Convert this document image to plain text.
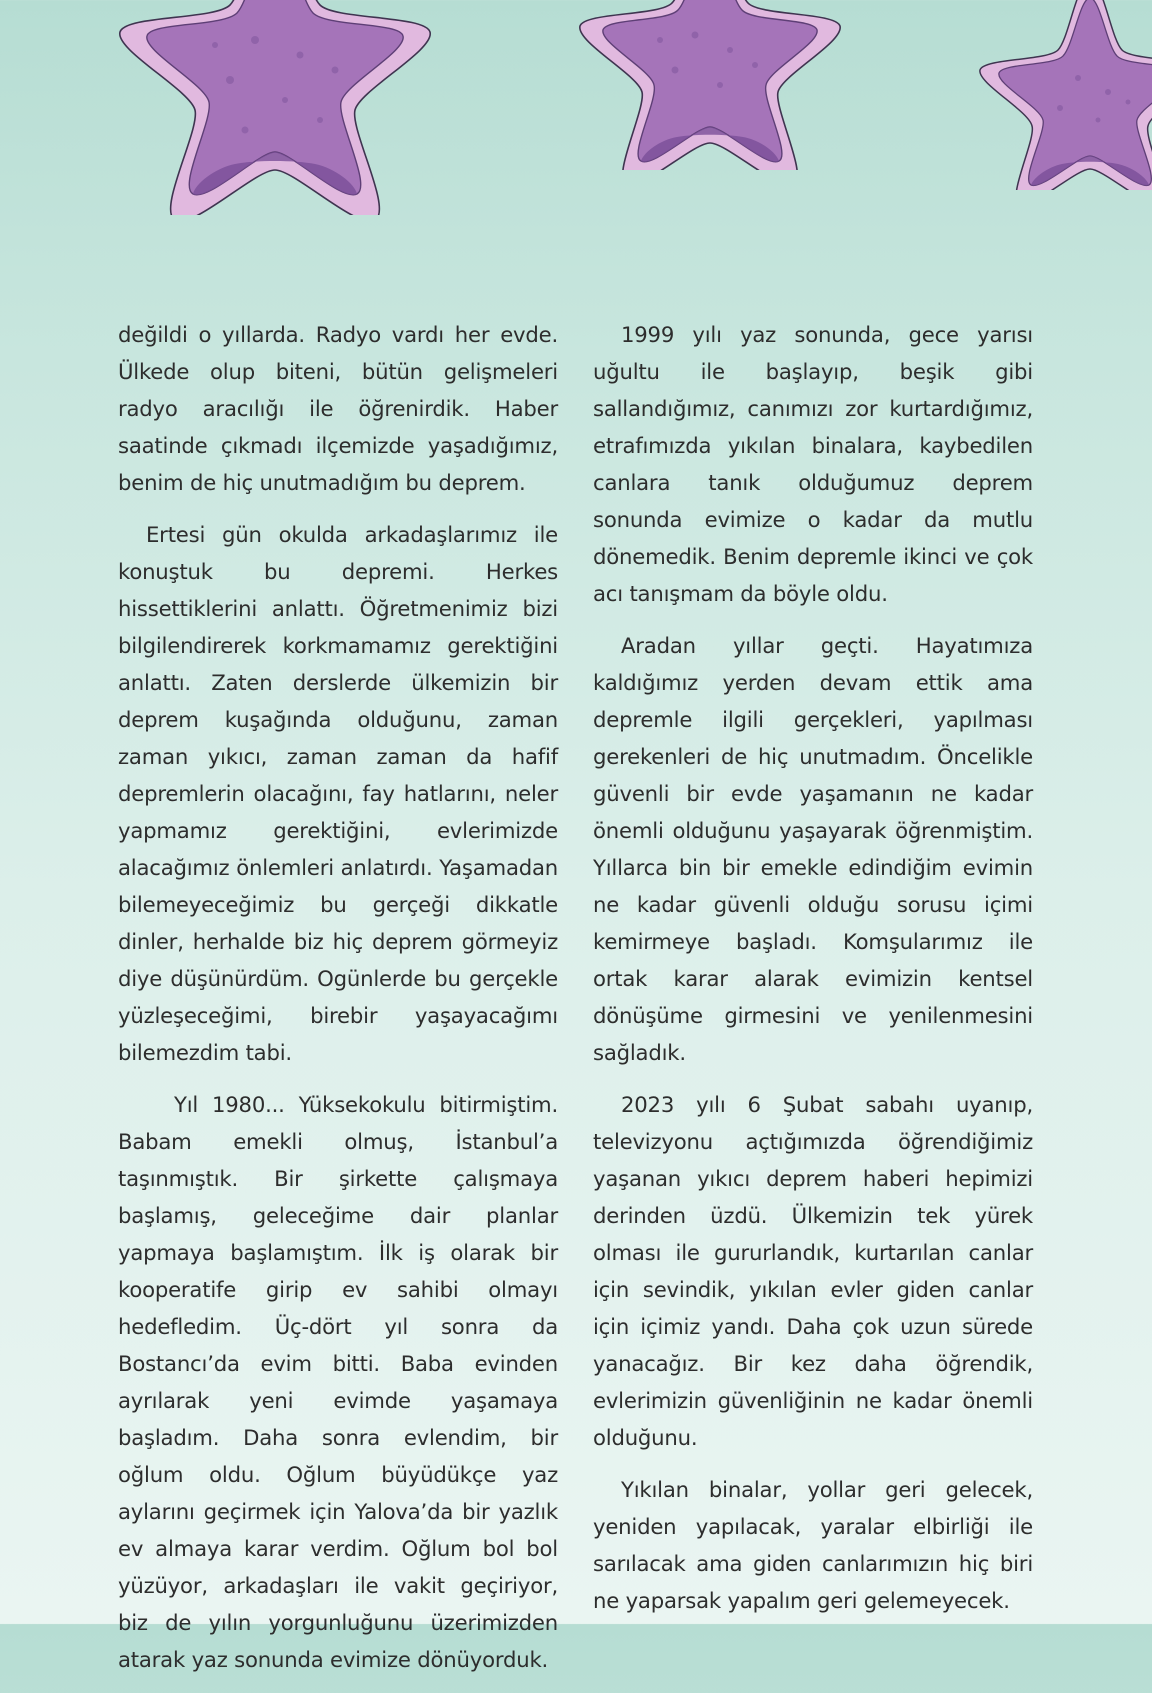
değildi o yıllarda. Radyo vardı her evde. Ülkede olup biteni, bütün gelişmeleri radyo aracılığı ile öğrenirdik. Haber saatinde çıkmadı ilçemizde yaşadığımız, benim de hiç unutmadığım bu deprem.

Ertesi gün okulda arkadaşlarımız ile konuştuk bu depremi. Herkes hissettiklerini anlattı. Öğretmenimiz bizi bilgilendirerek korkmamamız gerektiğini anlattı. Zaten derslerde ülkemizin bir deprem kuşağında olduğunu, zaman zaman yıkıcı, zaman zaman da hafif depremlerin olacağını, fay hatlarını, neler yapmamız gerektiğini, evlerimizde alacağımız önlemleri anlatırdı. Yaşamadan bilemeyeceğimiz bu gerçeği dikkatle dinler, herhalde biz hiç deprem görmeyiz diye düşünürdüm. Ogünlerde bu gerçekle yüzleşeceğimi, birebir yaşayacağımı bilemezdim tabi.

Yıl 1980... Yüksekokulu bitirmiştim. Babam emekli olmuş, İstanbul’a taşınmıştık. Bir şirkette çalışmaya başlamış, geleceğime dair planlar yapmaya başlamıştım. İlk iş olarak bir kooperatife girip ev sahibi olmayı hedefledim. Üç-dört yıl sonra da Bostancı’da evim bitti. Baba evinden ayrılarak yeni evimde yaşamaya başladım. Daha sonra evlendim, bir oğlum oldu. Oğlum büyüdükçe yaz aylarını geçirmek için Yalova’da bir yazlık ev almaya karar verdim. Oğlum bol bol yüzüyor, arkadaşları ile vakit geçiriyor, biz de yılın yorgunluğunu üzerimizden atarak yaz sonunda evimize dönüyorduk.

1999 yılı yaz sonunda, gece yarısı uğultu ile başlayıp, beşik gibi sallandığımız, canımızı zor kurtardığımız, etrafımızda yıkılan binalara, kaybedilen canlara tanık olduğumuz deprem sonunda evimize o kadar da mutlu dönemedik. Benim depremle ikinci ve çok acı tanışmam da böyle oldu.

Aradan yıllar geçti. Hayatımıza kaldığımız yerden devam ettik ama depremle ilgili gerçekleri, yapılması gerekenleri de hiç unutmadım. Öncelikle güvenli bir evde yaşamanın ne kadar önemli olduğunu yaşayarak öğrenmiştim. Yıllarca bin bir emekle edindiğim evimin ne kadar güvenli olduğu sorusu içimi kemirmeye başladı. Komşularımız ile ortak karar alarak evimizin kentsel dönüşüme girmesini ve yenilenmesini sağladık.

2023 yılı 6 Şubat sabahı uyanıp, televizyonu açtığımızda öğrendiğimiz yaşanan yıkıcı deprem haberi hepimizi derinden üzdü. Ülkemizin tek yürek olması ile gururlandık, kurtarılan canlar için sevindik, yıkılan evler giden canlar için içimiz yandı. Daha çok uzun sürede yanacağız. Bir kez daha öğrendik, evlerimizin güvenliğinin ne kadar önemli olduğunu.

Yıkılan binalar, yollar geri gelecek, yeniden yapılacak, yaralar elbirliği ile sarılacak ama giden canlarımızın hiç biri ne yaparsak yapalım geri gelemeyecek.
